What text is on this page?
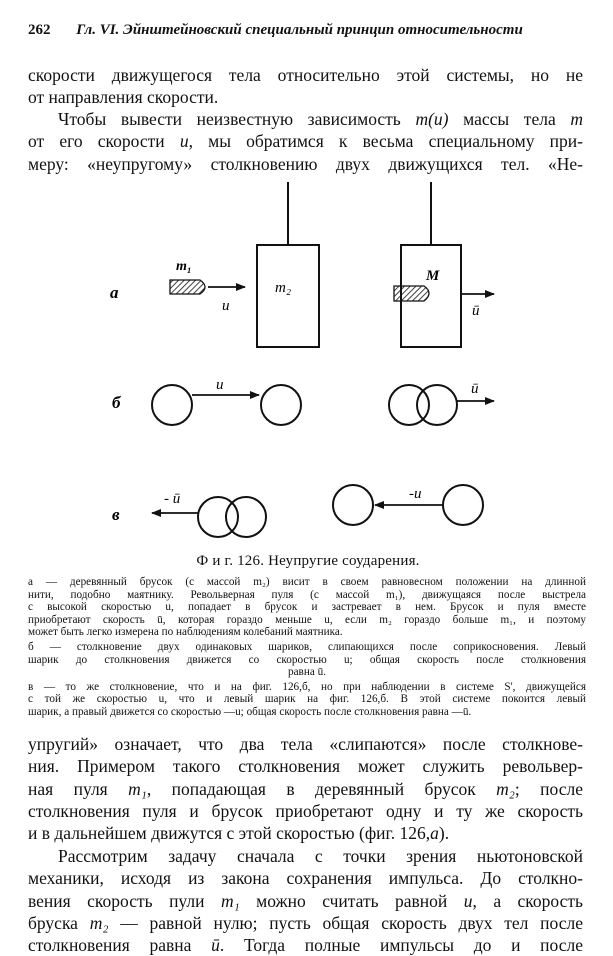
262 Гл. VI. Эйнштейновский специальный принцип относительности
скорости движущегося тела относительно этой системы, но не
от направления скорости.
Чтобы вывести неизвестную зависимость m(u) массы тела m
от его скорости u, мы обратимся к весьма специальному при-
меру: «неупругому» столкновению двух движущихся тел. «Не-
а
б
в
m₂
m₁
u
M
ū
u	ū
- ū	-u
Ф и г. 126. Неупругие соударения.

а — деревянный брусок (с массой m₂) висит в своем равновесном положении на длинной
нити, подобно маятнику. Револьверная пуля (с массой m₁), движущаяся после выстрела
с высокой скоростью u, попадает в брусок и застревает в нем. Брусок и пуля вместе
приобретают скорость ū, которая гораздо меньше u, если m₂ гораздо больше m₁, и поэтому
может быть легко измерена по наблюдениям колебаний маятника.

б — столкновение двух одинаковых шариков, слипающихся после соприкосновения. Левый
шарик до столкновения движется со скоростью u; общая скорость после столкновения
равна ū.

в — то же столкновение, что и на фиг. 126,б, но при наблюдении в системе S', движущейся
с той же скоростью u, что и левый шарик на фиг. 126,б. В этой системе покоится левый
шарик, а правый движется со скоростью —u; общая скорость после столкновения равна —ū.

упругий» означает, что два тела «слипаются» после столкнове-
ния. Примером такого столкновения может служить револьвер-
ная пуля m₁, попадающая в деревянный брусок m₂; после
столкновения пуля и брусок приобретают одну и ту же скорость
и в дальнейшем движутся с этой скоростью (фиг. 126,а).
Рассмотрим задачу сначала с точки зрения ньютоновской
механики, исходя из закона сохранения импульса. До столкно-
вения скорость пули m₁ можно считать равной u, а скорость
бруска m₂ — равной нулю; пусть общая скорость двух тел после
столкновения равна ū. Тогда полные импульсы до и после
